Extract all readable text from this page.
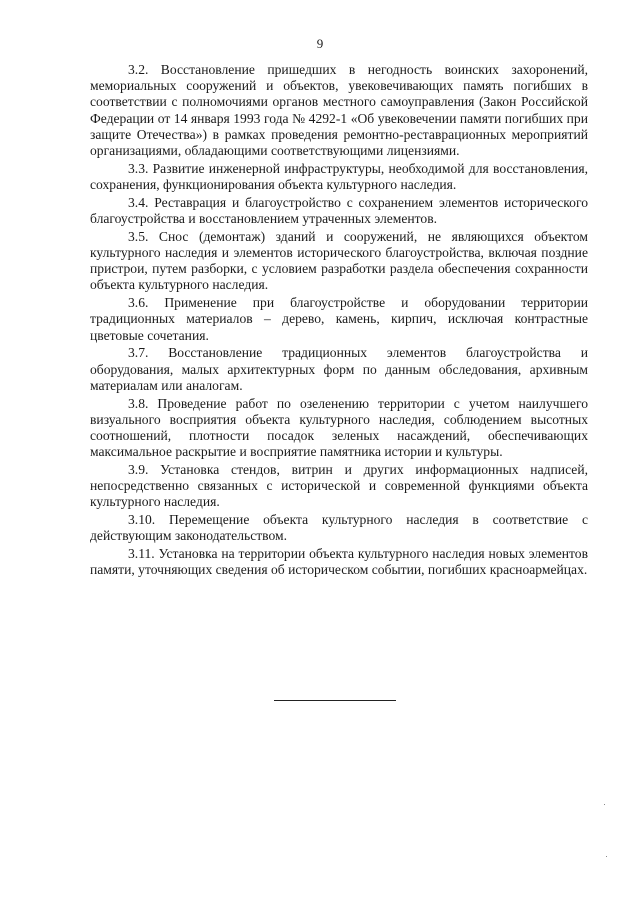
9

3.2. Восстановление пришедших в негодность воинских захоронений, мемориальных сооружений и объектов, увековечивающих память погибших в соответствии с полномочиями органов местного самоуправления (Закон Российской Федерации от 14 января 1993 года № 4292-1 «Об увековечении памяти погибших при защите Отечества») в рамках проведения ремонтно-реставрационных мероприятий организациями, обладающими соответствующими лицензиями.

3.3. Развитие инженерной инфраструктуры, необходимой для восстановления, сохранения, функционирования объекта культурного наследия.

3.4. Реставрация и благоустройство с сохранением элементов исторического благоустройства и восстановлением утраченных элементов.

3.5. Снос (демонтаж) зданий и сооружений, не являющихся объектом культурного наследия и элементов исторического благоустройства, включая поздние пристрои, путем разборки, с условием разработки раздела обеспечения сохранности объекта культурного наследия.

3.6. Применение при благоустройстве и оборудовании территории традиционных материалов – дерево, камень, кирпич, исключая контрастные цветовые сочетания.

3.7. Восстановление традиционных элементов благоустройства и оборудования, малых архитектурных форм по данным обследования, архивным материалам или аналогам.

3.8. Проведение работ по озеленению территории с учетом наилучшего визуального восприятия объекта культурного наследия, соблюдением высотных соотношений, плотности посадок зеленых насаждений, обеспечивающих максимальное раскрытие и восприятие памятника истории и культуры.

3.9. Установка стендов, витрин и других информационных надписей, непосредственно связанных с исторической и современной функциями объекта культурного наследия.

3.10. Перемещение объекта культурного наследия в соответствие с действующим законодательством.

3.11. Установка на территории объекта культурного наследия новых элементов памяти, уточняющих сведения об историческом событии, погибших красноармейцах.
